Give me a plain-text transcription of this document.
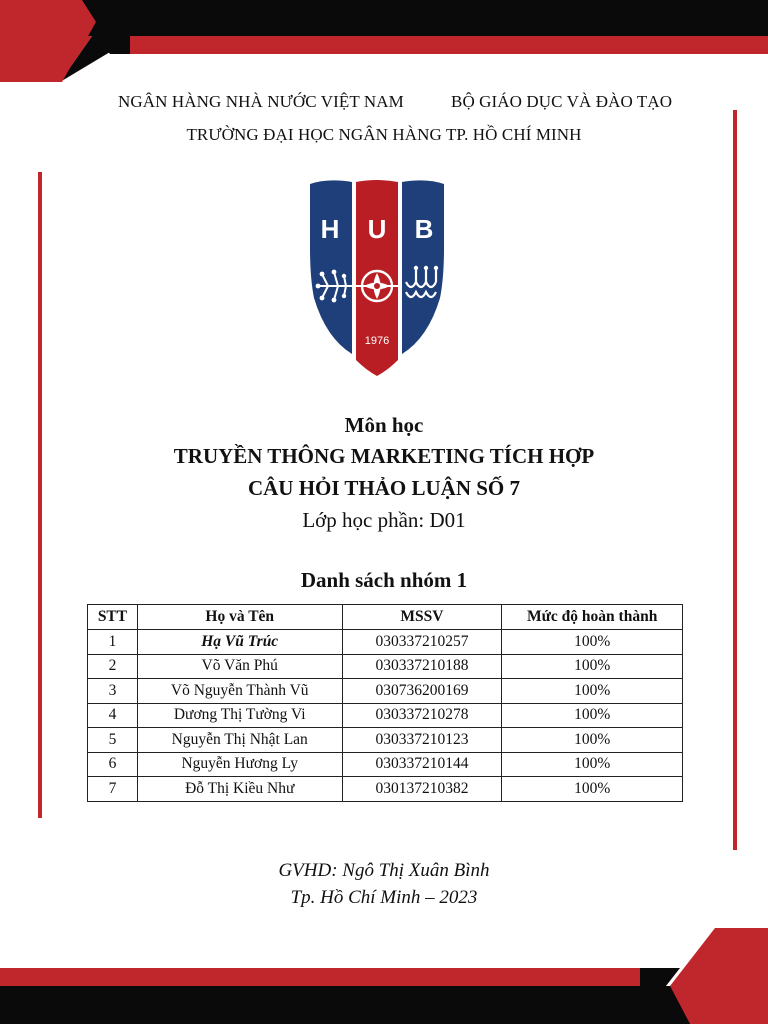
NGÂN HÀNG NHÀ NƯỚC VIỆT NAM	BỘ GIÁO DỤC VÀ ĐÀO TẠO
TRƯỜNG ĐẠI HỌC NGÂN HÀNG TP. HỒ CHÍ MINH
H U B
1976
Môn học
TRUYỀN THÔNG MARKETING TÍCH HỢP
CÂU HỎI THẢO LUẬN SỐ 7
Lớp học phần: D01
Danh sách nhóm 1
STT	Họ và Tên	MSSV	Mức độ hoàn thành
1	Hạ Vũ Trúc	030337210257	100%
2	Võ Văn Phú	030337210188	100%
3	Võ Nguyễn Thành Vũ	030736200169	100%
4	Dương Thị Tường Vi	030337210278	100%
5	Nguyễn Thị Nhật Lan	030337210123	100%
6	Nguyễn Hương Ly	030337210144	100%
7	Đỗ Thị Kiều Như	030137210382	100%
GVHD: Ngô Thị Xuân Bình
Tp. Hồ Chí Minh – 2023
